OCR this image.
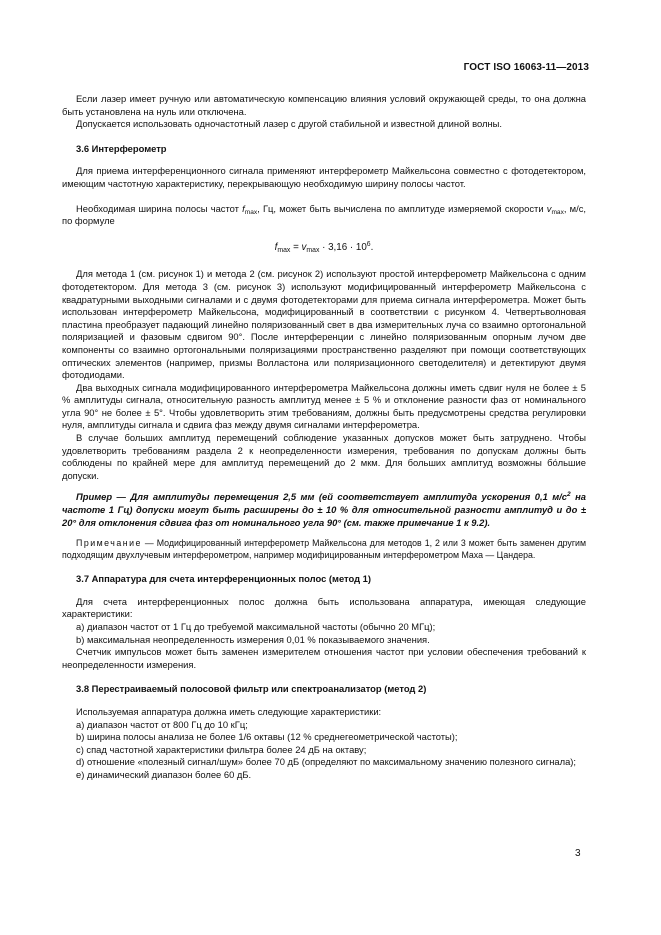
ГОСТ ISO 16063-11—2013

Если лазер имеет ручную или автоматическую компенсацию влияния условий окружающей среды, то она должна быть установлена на нуль или отключена.

Допускается использовать одночастотный лазер с другой стабильной и известной длиной волны.

3.6 Интерферометр

Для приема интерференционного сигнала применяют интерферометр Майкельсона совместно с фотодетектором, имеющим частотную характеристику, перекрывающую необходимую ширину полосы частот.

Необходимая ширина полосы частот $f_{max}$, Гц, может быть вычислена по амплитуде измеряемой скорости $v_{max}$, м/с, по формуле

$f_{max} = v_{max} \cdot 3,16 \cdot 10^6$.

Для метода 1 (см. рисунок 1) и метода 2 (см. рисунок 2) используют простой интерферометр Майкельсона с одним фотодетектором. Для метода 3 (см. рисунок 3) используют модифицированный интерферометр Майкельсона с квадратурными выходными сигналами и с двумя фотодетекторами для приема сигнала интерферометра. Может быть использован интерферометр Майкельсона, модифицированный в соответствии с рисунком 4. Четвертьволновая пластина преобразует падающий линейно поляризованный свет в два измерительных луча со взаимно ортогональной поляризацией и фазовым сдвигом 90°. После интерференции с линейно поляризованным опорным лучом две компоненты со взаимно ортогональными поляризациями пространственно разделяют при помощи соответствующих оптических элементов (например, призмы Волластона или поляризационного светоделителя) и детектируют двумя фотодиодами.

Два выходных сигнала модифицированного интерферометра Майкельсона должны иметь сдвиг нуля не более ± 5 % амплитуды сигнала, относительную разность амплитуд менее ± 5 % и отклонение разности фаз от номинального угла 90° не более ± 5°. Чтобы удовлетворить этим требованиям, должны быть предусмотрены средства регулировки нуля, амплитуды сигнала и сдвига фаз между двумя сигналами интерферометра.

В случае больших амплитуд перемещений соблюдение указанных допусков может быть затруднено. Чтобы удовлетворить требованиям раздела 2 к неопределенности измерения, требования по допускам должны быть соблюдены по крайней мере для амплитуд перемещений до 2 мкм. Для больших амплитуд возможны бо́льшие допуски.

Пример — Для амплитуды перемещения 2,5 мм (ей соответствует амплитуда ускорения 0,1 $м/с^2$ на частоте 1 Гц) допуски могут быть расширены до ± 10 % для относительной разности амплитуд и до ± 20° для отклонения сдвига фаз от номинального угла 90° (см. также примечание 1 к 9.2).

Примечание — Модифицированный интерферометр Майкельсона для методов 1, 2 или 3 может быть заменен другим подходящим двухлучевым интерферометром, например модифицированным интерферометром Маха — Цандера.

3.7 Аппаратура для счета интерференционных полос (метод 1)

Для счета интерференционных полос должна быть использована аппаратура, имеющая следующие характеристики:

а) диапазон частот от 1 Гц до требуемой максимальной частоты (обычно 20 МГц);

b) максимальная неопределенность измерения 0,01 % показываемого значения.

Счетчик импульсов может быть заменен измерителем отношения частот при условии обеспечения требований к неопределенности измерения.

3.8 Перестраиваемый полосовой фильтр или спектроанализатор (метод 2)

Используемая аппаратура должна иметь следующие характеристики:

а) диапазон частот от 800 Гц до 10 кГц;

b) ширина полосы анализа не более 1/6 октавы (12 % среднегеометрической частоты);

c) спад частотной характеристики фильтра более 24 дБ на октаву;

d) отношение «полезный сигнал/шум» более 70 дБ (определяют по максимальному значению полезного сигнала);

e) динамический диапазон более 60 дБ.

3
